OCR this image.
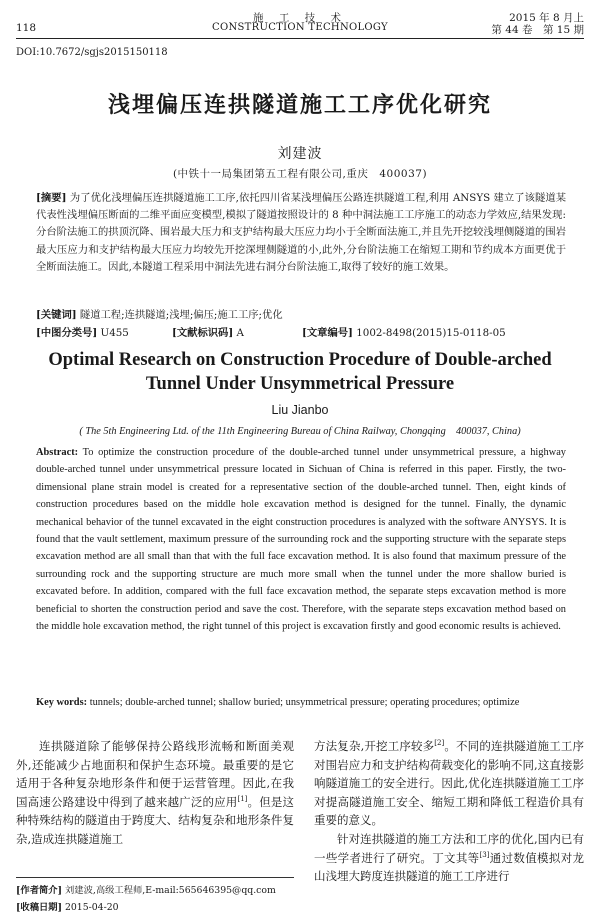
118
施 工 技 术
CONSTRUCTION TECHNOLOGY
2015 年 8 月上
第 44 卷　第 15 期
DOI:10.7672/sgjs2015150118
浅埋偏压连拱隧道施工工序优化研究
刘建波
(中铁十一局集团第五工程有限公司,重庆　400037)
[摘要] 为了优化浅埋偏压连拱隧道施工工序,依托四川省某浅埋偏压公路连拱隧道工程,利用 ANSYS 建立了该隧道某代表性浅埋偏压断面的二维平面应变模型,模拟了隧道按照设计的 8 种中洞法施工工序施工的动态力学效应,结果发现:分台阶法施工的拱顶沉降、围岩最大压力和支护结构最大压应力均小于全断面法施工,并且先开挖较浅埋侧隧道的围岩最大压应力和支护结构最大压应力均较先开挖深埋侧隧道的小,此外,分台阶法施工在缩短工期和节约成本方面更优于全断面法施工。因此,本隧道工程采用中洞法先进右洞分台阶法施工,取得了较好的施工效果。
[关键词] 隧道工程;连拱隧道;浅埋;偏压;施工工序;优化
[中图分类号] U455	[文献标识码] A	[文章编号] 1002-8498(2015)15-0118-05
Optimal Research on Construction Procedure of Double-arched
Tunnel Under Unsymmetrical Pressure
Liu Jianbo
( The 5th Engineering Ltd. of the 11th Engineering Bureau of China Railway, Chongqing　400037, China)
Abstract: To optimize the construction procedure of the double-arched tunnel under unsymmetrical pressure, a highway double-arched tunnel under unsymmetrical pressure located in Sichuan of China is referred in this paper. Firstly, the two-dimensional plane strain model is created for a representative section of the double-arched tunnel. Then, eight kinds of construction procedures based on the middle hole excavation method is designed for the tunnel. Finally, the dynamic mechanical behavior of the tunnel excavated in the eight construction procedures is analyzed with the software ANYSYS. It is found that the vault settlement, maximum pressure of the surrounding rock and the supporting structure with the separate steps excavation method are all small than that with the full face excavation method. It is also found that maximum pressure of the surrounding rock and the supporting structure are much more small when the tunnel under the more shallow buried is excavated before. In addition, compared with the full face excavation method, the separate steps excavation method is more beneficial to shorten the construction period and save the cost. Therefore, with the separate steps excavation method based on the middle hole excavation method, the right tunnel of this project is excavation firstly and good economic results is achieved.
Key words: tunnels; double-arched tunnel; shallow buried; unsymmetrical pressure; operating procedures; optimize
连拱隧道除了能够保持公路线形流畅和断面美观外,还能减少占地面积和保护生态环境。最重要的是它适用于各种复杂地形条件和便于运营管理。因此,在我国高速公路建设中得到了越来越广泛的应用[1]。但是这种特殊结构的隧道由于跨度大、结构复杂和地形条件复杂,造成连拱隧道施工

方法复杂,开挖工序较多[2]。不同的连拱隧道施工工序对围岩应力和支护结构荷载变化的影响不同,这直接影响隧道施工的安全进行。因此,优化连拱隧道施工工序对提高隧道施工安全、缩短工期和降低工程造价具有重要的意义。

针对连拱隧道的施工方法和工序的优化,国内已有一些学者进行了研究。丁文其等[3]通过数值模拟对龙山浅埋大跨度连拱隧道的施工工序进行

[作者简介] 刘建波,高级工程师,E-mail:565646395@qq.com
[收稿日期] 2015-04-20
